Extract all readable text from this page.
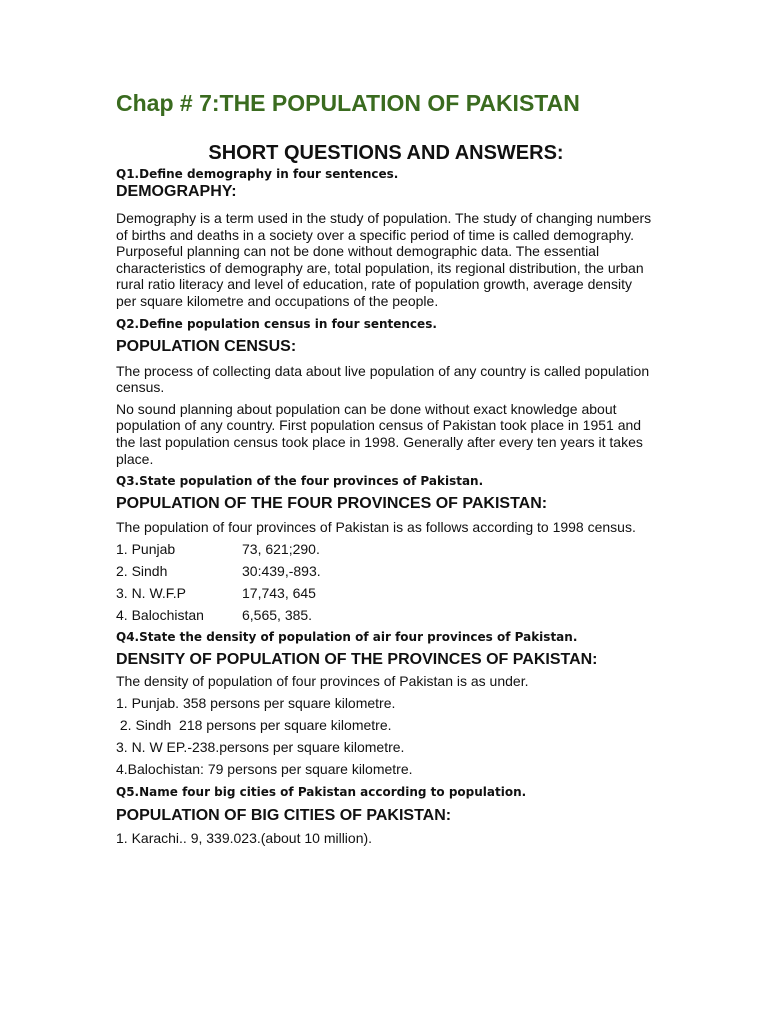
Chap # 7:THE POPULATION OF PAKISTAN
SHORT QUESTIONS AND ANSWERS:
Q1.Define demography in four sentences.
DEMOGRAPHY:
Demography is a term used in the study of population. The study of changing numbers of births and deaths in a society over a specific period of time is called demography. Purposeful planning can not be done without demographic data. The essential characteristics of demography are, total population, its regional distribution, the urban rural ratio literacy and level of education, rate of population growth, average density per square kilometre and occupations of the people.
Q2.Define population census in four sentences.
POPULATION CENSUS:
The process of collecting data about live population of any country is called population census.
No sound planning about population can be done without exact knowledge about population of any country. First population census of Pakistan took place in 1951 and the last population census took place in 1998. Generally after every ten years it takes place.
Q3.State population of the four provinces of Pakistan.
POPULATION OF THE FOUR PROVINCES OF PAKISTAN:
The population of four provinces of Pakistan is as follows according to 1998 census.
1. Punjab	73, 621;290.
2. Sindh	30:439,-893.
3. N. W.F.P	17,743, 645
4. Balochistan	6,565, 385.
Q4.State the density of population of air four provinces of Pakistan.
DENSITY OF POPULATION OF THE PROVINCES OF PAKISTAN:
The density of population of four provinces of Pakistan is as under.
1. Punjab. 358 persons per square kilometre.
2. Sindh  218 persons per square kilometre.
3. N. W EP.-238.persons per square kilometre.
4.Balochistan: 79 persons per square kilometre.
Q5.Name four big cities of Pakistan according to population.
POPULATION OF BIG CITIES OF PAKISTAN:
1. Karachi.. 9, 339.023.(about 10 million).
